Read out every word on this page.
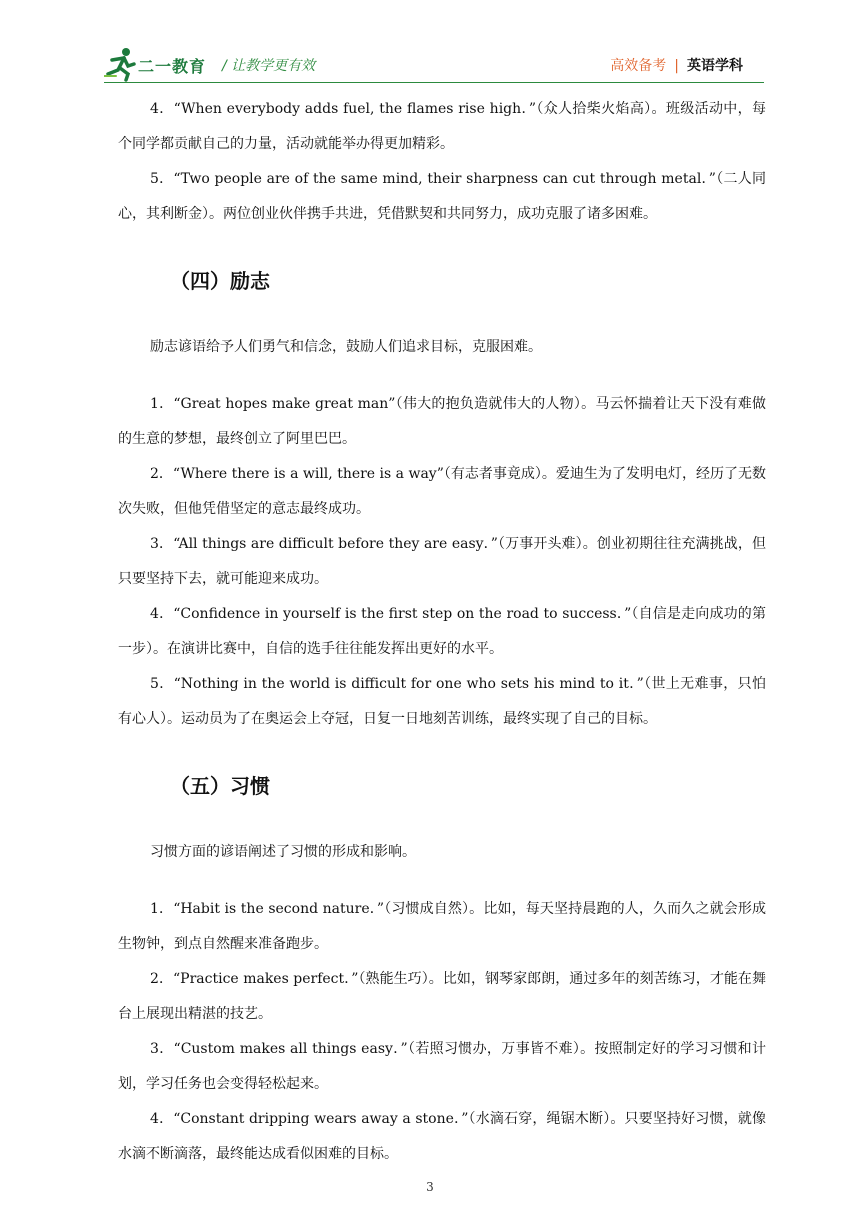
二一教育 / 让教学更有效	高效备考 | 英语学科

4．“When everybody adds fuel, the flames rise high．”（众人拾柴火焰高）。班级活动中，每个同学都贡献自己的力量，活动就能举办得更加精彩。

5．“Two people are of the same mind, their sharpness can cut through metal．”（二人同心，其利断金）。两位创业伙伴携手共进，凭借默契和共同努力，成功克服了诸多困难。

（四）励志

励志谚语给予人们勇气和信念，鼓励人们追求目标，克服困难。

1．“Great hopes make great man”（伟大的抱负造就伟大的人物）。马云怀揣着让天下没有难做的生意的梦想，最终创立了阿里巴巴。

2．“Where there is a will, there is a way”（有志者事竟成）。爱迪生为了发明电灯，经历了无数次失败，但他凭借坚定的意志最终成功。

3．“All things are difficult before they are easy．”（万事开头难）。创业初期往往充满挑战，但只要坚持下去，就可能迎来成功。

4．“Confidence in yourself is the first step on the road to success．”（自信是走向成功的第一步）。在演讲比赛中，自信的选手往往能发挥出更好的水平。

5．“Nothing in the world is difficult for one who sets his mind to it．”（世上无难事，只怕有心人）。运动员为了在奥运会上夺冠，日复一日地刻苦训练，最终实现了自己的目标。

（五）习惯

习惯方面的谚语阐述了习惯的形成和影响。

1．“Habit is the second nature．”（习惯成自然）。比如，每天坚持晨跑的人，久而久之就会形成生物钟，到点自然醒来准备跑步。

2．“Practice makes perfect．”（熟能生巧）。比如，钢琴家郎朗，通过多年的刻苦练习，才能在舞台上展现出精湛的技艺。

3．“Custom makes all things easy．”（若照习惯办，万事皆不难）。按照制定好的学习习惯和计划，学习任务也会变得轻松起来。

4．“Constant dripping wears away a stone．”（水滴石穿，绳锯木断）。只要坚持好习惯，就像水滴不断滴落，最终能达成看似困难的目标。

3
